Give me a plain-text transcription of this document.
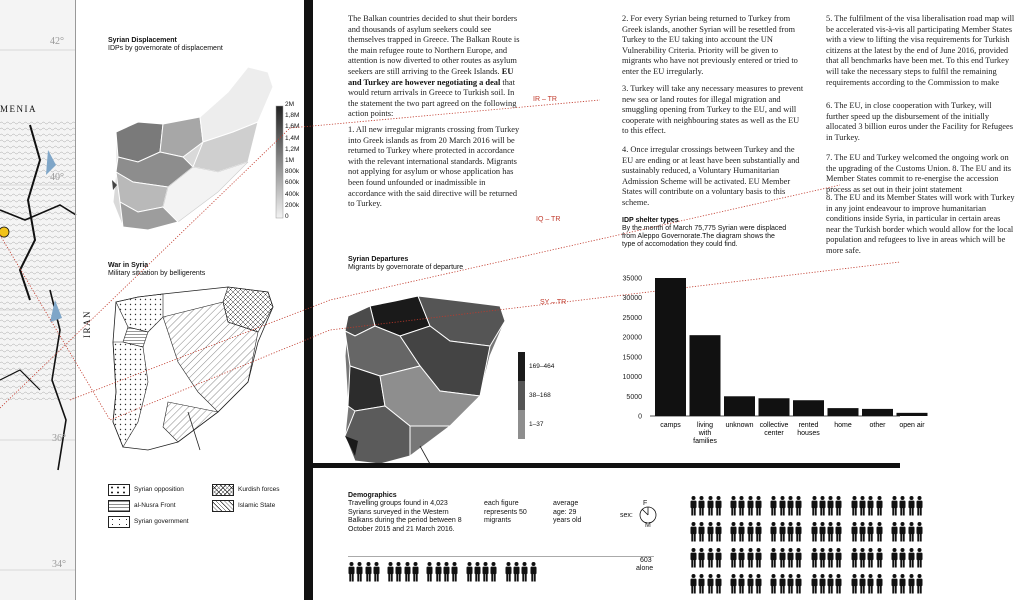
42°
40°
36°
34°
MENIA
IRAN
Syrian Displacement
IDPs by governorate of displacement
2M
1,8M
1,6M
1,4M
1,2M
1M
800k
600k
400k
200k
0
War in Syria
Military situation by belligerents
Syrian opposition
al-Nusra Front
Syrian government
Kurdish forces
Islamic State
The Balkan countries decided to shut their borders and thousands of asylum seekers could see themselves trapped in Greece. The Balkan Route is the main refugee route to Northern Europe, and attention is now diverted to other routes as asylum seekers are still arriving to the Greek Islands. EU and Turkey are however negotiating a deal that would return arrivals in Greece to Turkish soil. In the statement the two part agreed on the following action points:
1. All new irregular migrants crossing from Turkey into Greek islands as from 20 March 2016 will be returned to Turkey where protected in accordance with the relevant international standards. Migrants not applying for asylum or whose application has been found unfounded or inadmissible in accordance with the said directive will be returned to Turkey.
Syrian Departures
Migrants by governorate of departure
169–464
38–168
1–37
2. For every Syrian being returned to Turkey from Greek islands, another Syrian will be resettled from Turkey to the EU taking into account the UN Vulnerability Criteria. Priority will be given to migrants who have not previously entered or tried to enter the EU irregularly.
3. Turkey will take any necessary measures to prevent new sea or land routes for illegal migration and smuggling opening from Turkey to the EU, and will cooperate with neighbouring states as well as the EU to this effect.
4. Once irregular crossings between Turkey and the EU are ending or at least have been substantially and sustainably reduced, a Voluntary Humanitarian Admission Scheme will be activated. EU Member States will contribute on a voluntary basis to this scheme.
5. The fulfilment of the visa liberalisation road map will be accelerated vis-à-vis all participating Member States with a view to lifting the visa requirements for Turkish citizens at the latest by the end of June 2016, provided that all benchmarks have been met. To this end Turkey will take the necessary steps to fulfil the remaining requirements according to the Commission to make
6. The EU, in close cooperation with Turkey, will further speed up the disbursement of the initially allocated 3 billion euros under the Facility for Refugees in Turkey.
7. The EU and Turkey welcomed the ongoing work on the upgrading of the Customs Union. 8. The EU and its Member States commit to re-energise the accession process as set out in their joint statement
8. The EU and its Member States will work with Turkey in any joint endeavour to improve humanitarian conditions inside Syria, in particular in certain areas near the Turkish border which would allow for the local population and refugees to live in areas which will be more safe.
IR – TR
IQ – TR
SY – TR
IDP shelter types
By the month of March 75,775 Syrian were displaced from Aleppo Governorate.The diagram shows the type of accomodation they could find.
0
5000
10000
15000
20000
25000
30000
35000
camps	living with families
unknown collective center
rented houses
home	other open air
Demographics
Travelling groups found in 4,023 Syrians surveyed in the Western Balkans during the period between 8 October 2015 and 21 March 2016.
each figure represents 50 migrants
average age: 29 years old
sex:
F
M
603
alone
